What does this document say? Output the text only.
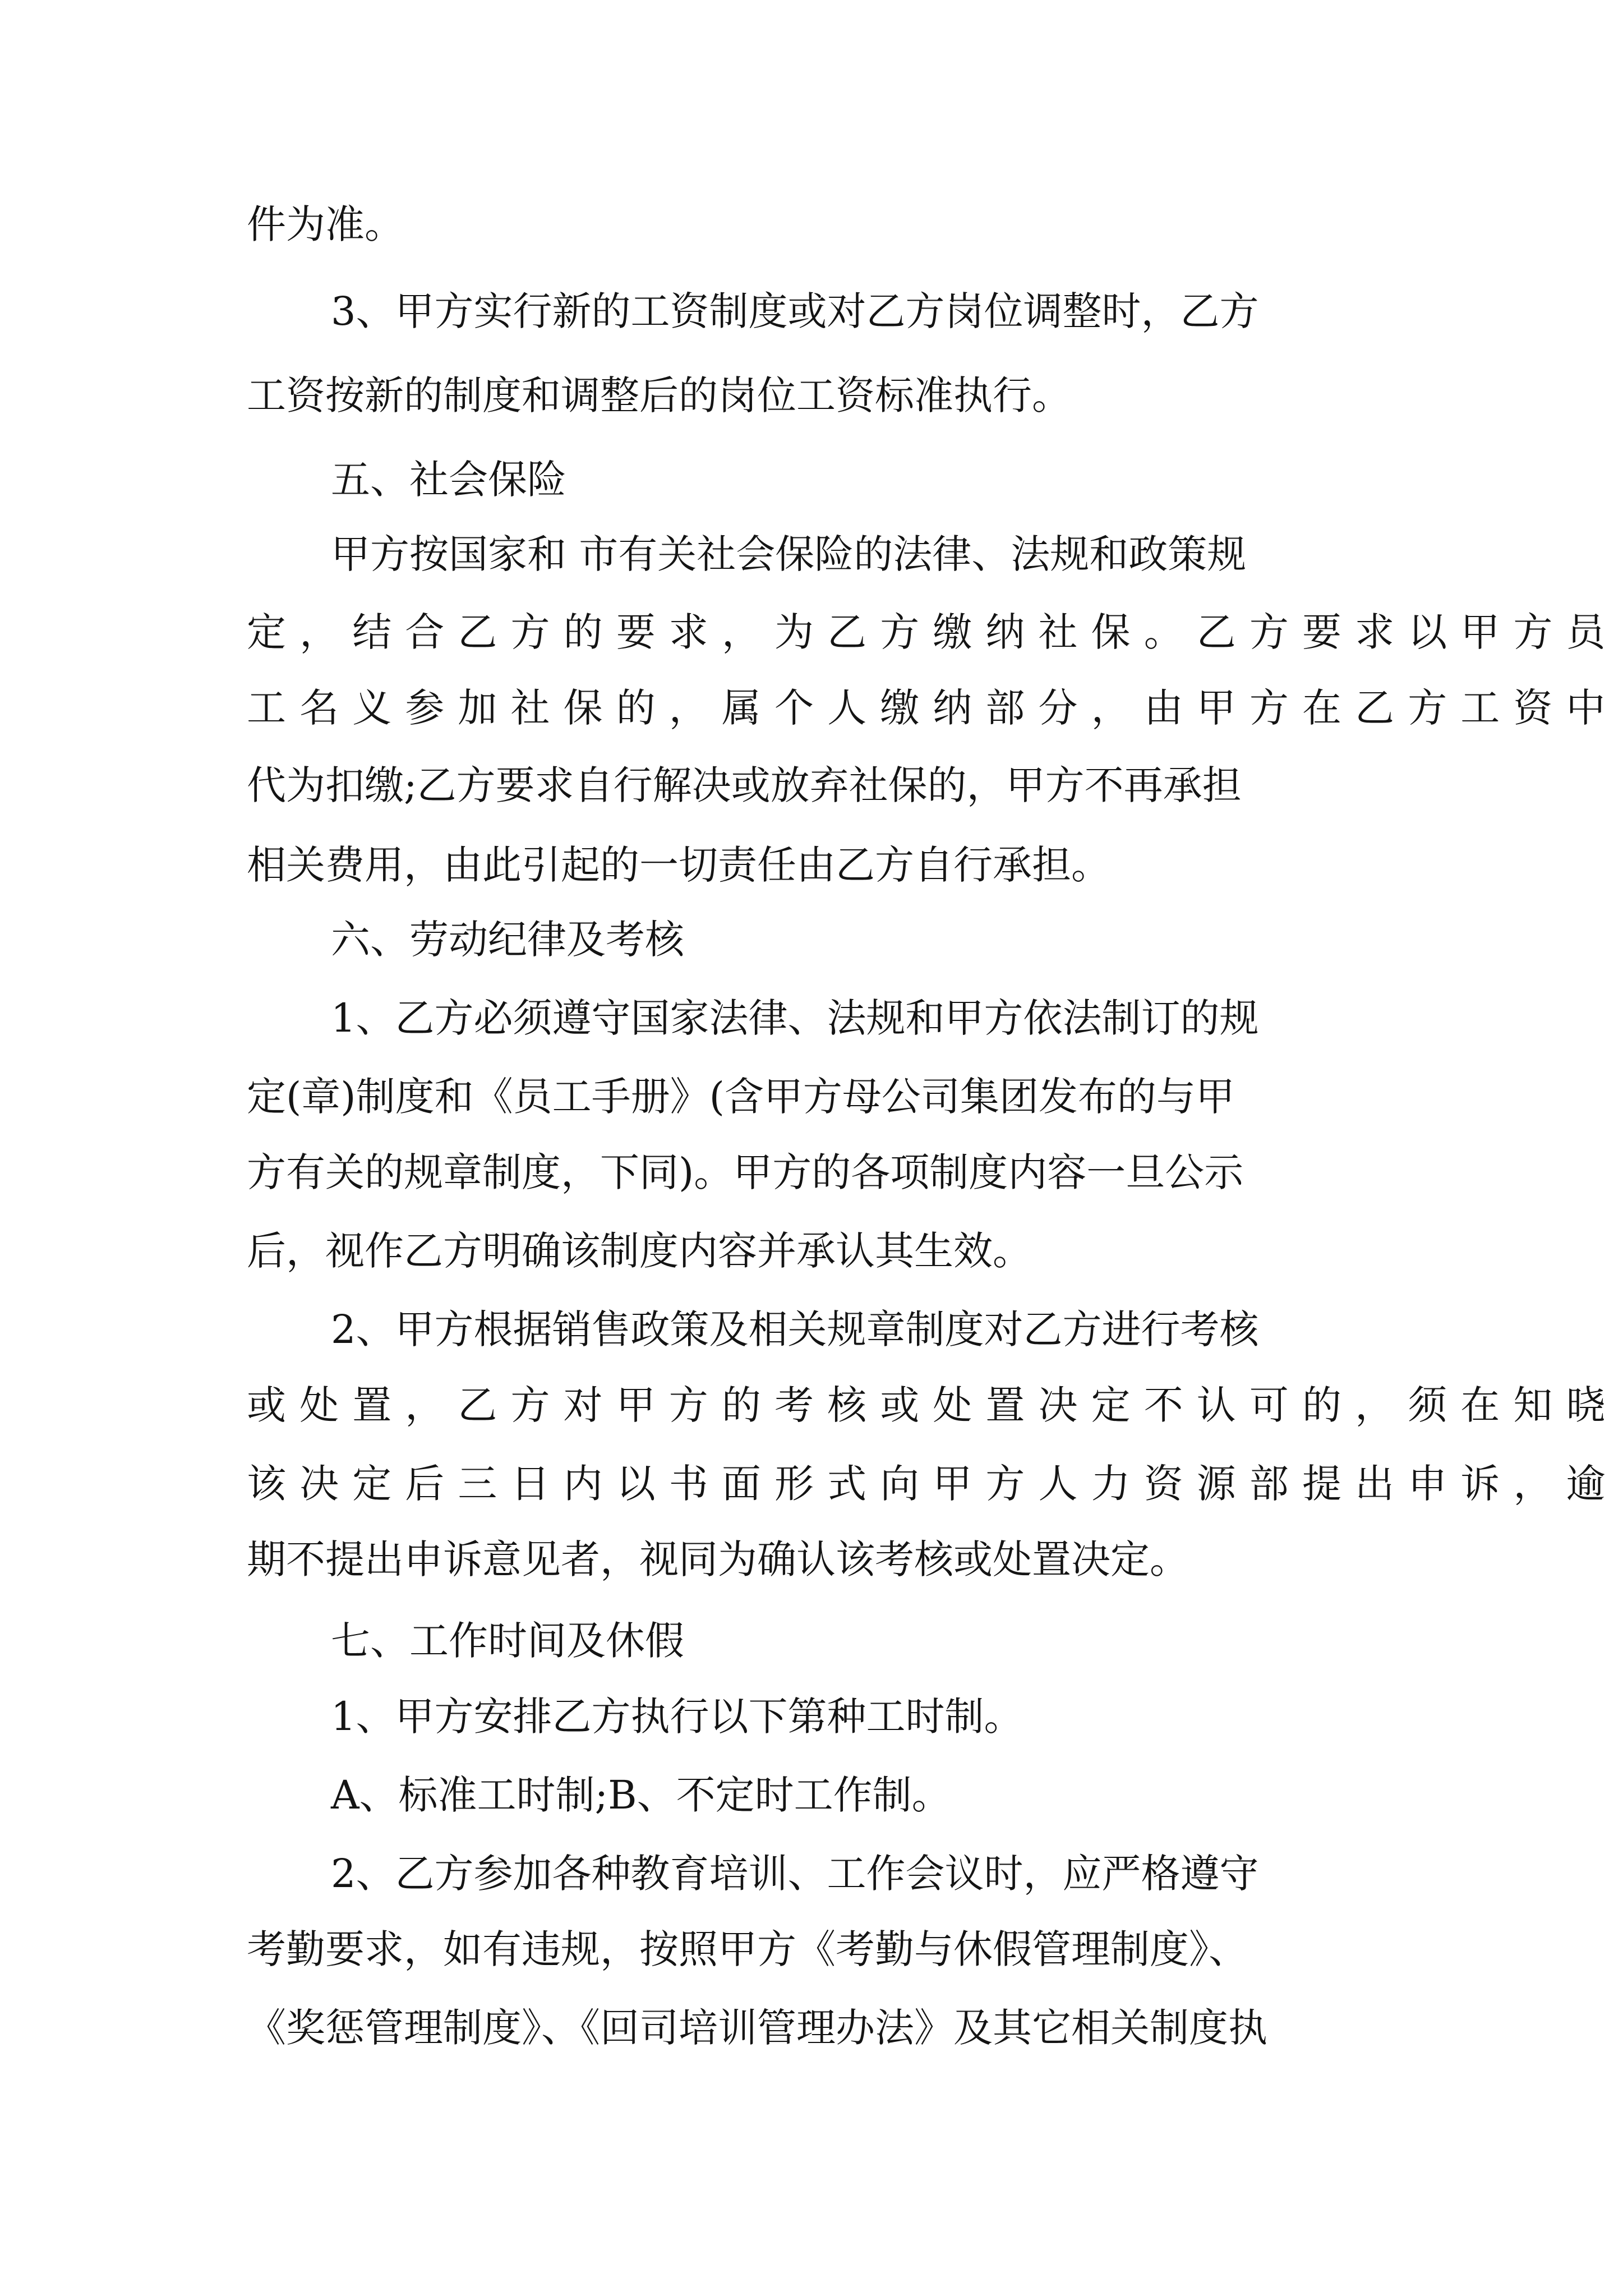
件为准。

3、甲方实行新的工资制度或对乙方岗位调整时，乙方

工资按新的制度和调整后的岗位工资标准执行。

五、社会保险

甲方按国家和 市有关社会保险的法律、法规和政策规

定，结合乙方的要求，为乙方缴纳社保。乙方要求以甲方员

工名义参加社保的，属个人缴纳部分，由甲方在乙方工资中

代为扣缴;乙方要求自行解决或放弃社保的，甲方不再承担

相关费用，由此引起的一切责任由乙方自行承担。

六、劳动纪律及考核

1、乙方必须遵守国家法律、法规和甲方依法制订的规

定(章)制度和《员工手册》(含甲方母公司集团发布的与甲

方有关的规章制度，下同)。甲方的各项制度内容一旦公示

后，视作乙方明确该制度内容并承认其生效。

2、甲方根据销售政策及相关规章制度对乙方进行考核

或处置，乙方对甲方的考核或处置决定不认可的，须在知晓

该决定后三日内以书面形式向甲方人力资源部提出申诉，逾

期不提出申诉意见者，视同为确认该考核或处置决定。

七、工作时间及休假

1、甲方安排乙方执行以下第种工时制。

A、标准工时制;B、不定时工作制。

2、乙方参加各种教育培训、工作会议时，应严格遵守

考勤要求，如有违规，按照甲方《考勤与休假管理制度》、

《奖惩管理制度》、《回司培训管理办法》及其它相关制度执
